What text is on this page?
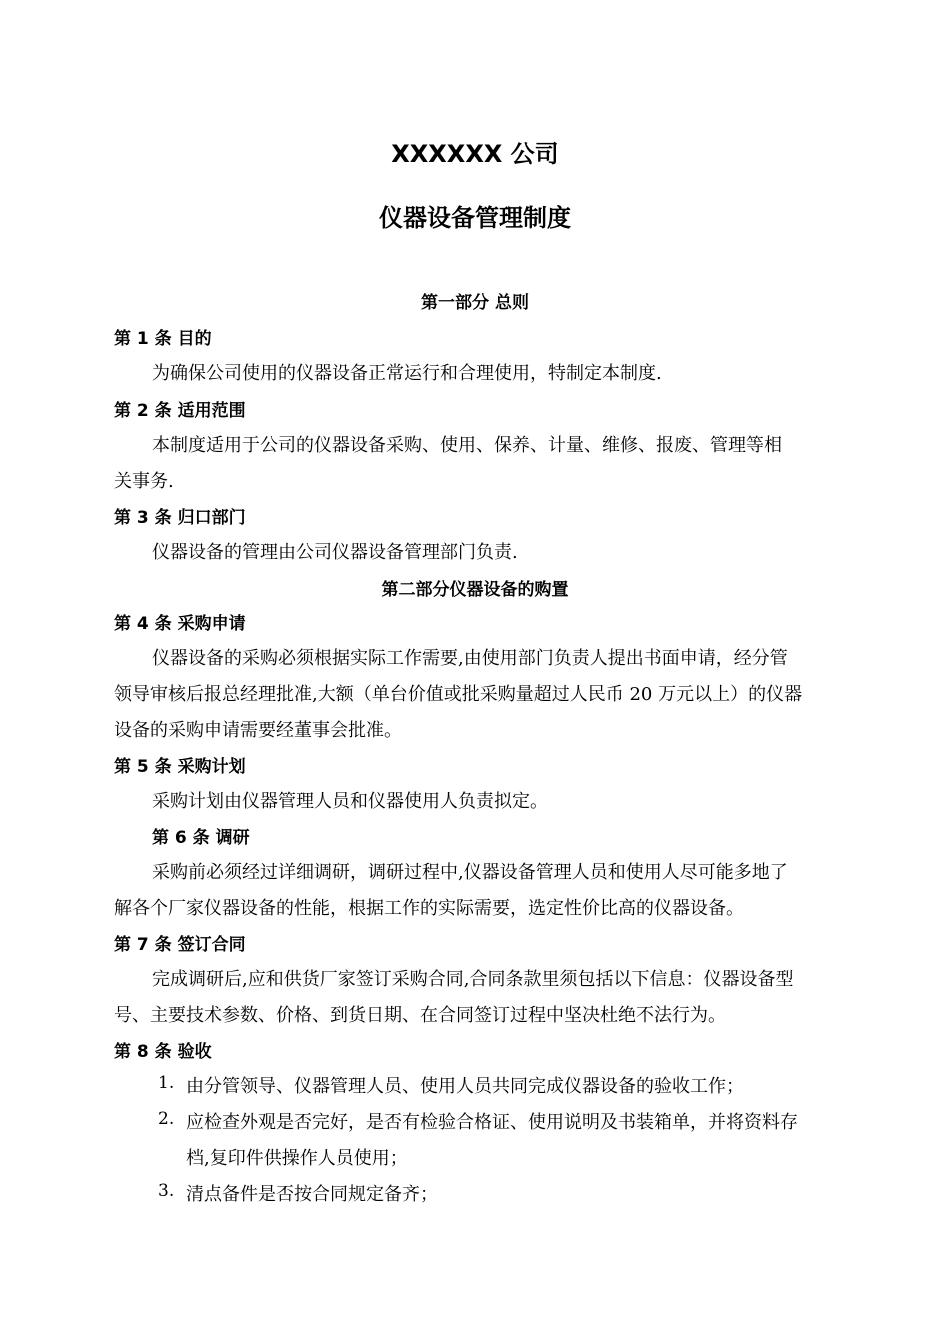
XXXXXX 公司
仪器设备管理制度
第一部分 总则
第 1 条 目的
为确保公司使用的仪器设备正常运行和合理使用，特制定本制度.
第 2 条 适用范围
本制度适用于公司的仪器设备采购、使用、保养、计量、维修、报废、管理等相
关事务.
第 3 条 归口部门
仪器设备的管理由公司仪器设备管理部门负责.
第二部分仪器设备的购置
第 4 条 采购申请
仪器设备的采购必须根据实际工作需要,由使用部门负责人提出书面申请，经分管
领导审核后报总经理批准,大额（单台价值或批采购量超过人民币 20 万元以上）的仪器
设备的采购申请需要经董事会批准。
第 5 条 采购计划
采购计划由仪器管理人员和仪器使用人负责拟定。
第 6 条 调研
采购前必须经过详细调研，调研过程中,仪器设备管理人员和使用人尽可能多地了
解各个厂家仪器设备的性能，根据工作的实际需要，选定性价比高的仪器设备。
第 7 条 签订合同
完成调研后,应和供货厂家签订采购合同,合同条款里须包括以下信息：仪器设备型
号、主要技术参数、价格、到货日期、在合同签订过程中坚决杜绝不法行为。
第 8 条 验收
1. 由分管领导、仪器管理人员、使用人员共同完成仪器设备的验收工作；
2. 应检查外观是否完好，是否有检验合格证、使用说明及书装箱单，并将资料存
档,复印件供操作人员使用；
3. 清点备件是否按合同规定备齐；
